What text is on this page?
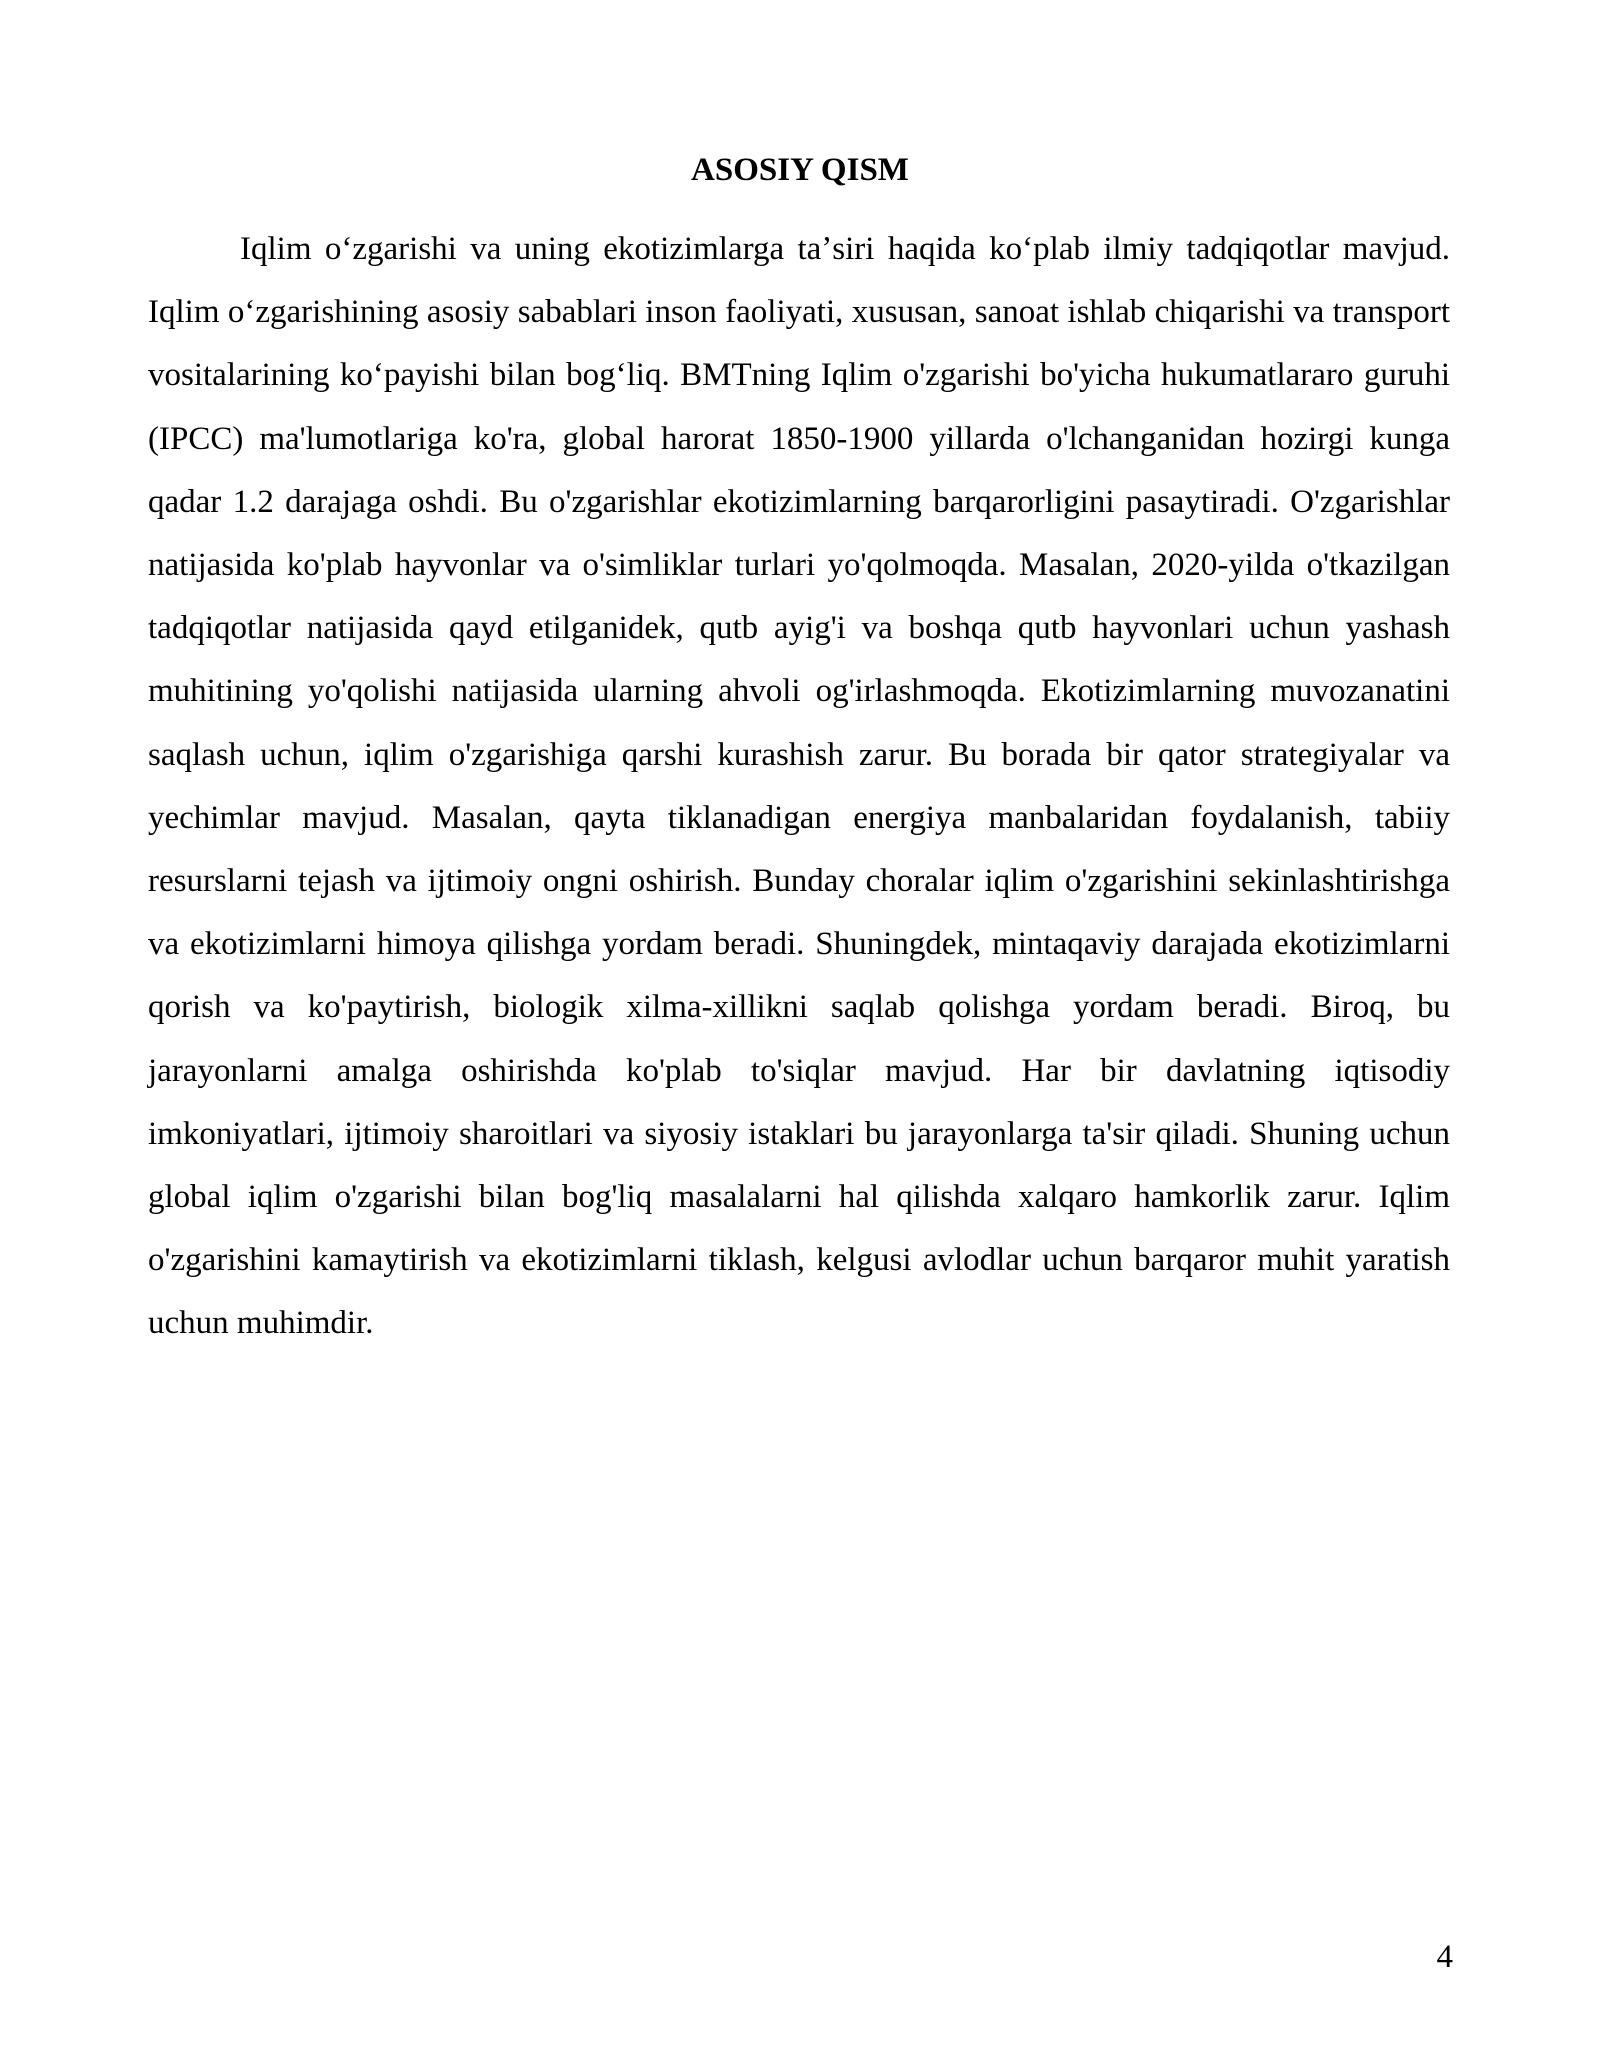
ASOSIY QISM

Iqlim oʻzgarishi va uning ekotizimlarga taʼsiri haqida koʻplab ilmiy tadqiqotlar mavjud. Iqlim oʻzgarishining asosiy sabablari inson faoliyati, xususan, sanoat ishlab chiqarishi va transport vositalarining koʻpayishi bilan bogʻliq. BMTning Iqlim o'zgarishi bo'yicha hukumatlararo guruhi (IPCC) ma'lumotlariga ko'ra, global harorat 1850-1900 yillarda o'lchanganidan hozirgi kunga qadar 1.2 darajaga oshdi. Bu o'zgarishlar ekotizimlarning barqarorligini pasaytiradi. O'zgarishlar natijasida ko'plab hayvonlar va o'simliklar turlari yo'qolmoqda. Masalan, 2020-yilda o'tkazilgan tadqiqotlar natijasida qayd etilganidek, qutb ayig'i va boshqa qutb hayvonlari uchun yashash muhitining yo'qolishi natijasida ularning ahvoli og'irlashmoqda. Ekotizimlarning muvozanatini saqlash uchun, iqlim o'zgarishiga qarshi kurashish zarur. Bu borada bir qator strategiyalar va yechimlar mavjud. Masalan, qayta tiklanadigan energiya manbalaridan foydalanish, tabiiy resurslarni tejash va ijtimoiy ongni oshirish. Bunday choralar iqlim o'zgarishini sekinlashtirishga va ekotizimlarni himoya qilishga yordam beradi. Shuningdek, mintaqaviy darajada ekotizimlarni qorish va ko'paytirish, biologik xilma-xillikni saqlab qolishga yordam beradi. Biroq, bu jarayonlarni amalga oshirishda ko'plab to'siqlar mavjud. Har bir davlatning iqtisodiy imkoniyatlari, ijtimoiy sharoitlari va siyosiy istaklari bu jarayonlarga ta'sir qiladi. Shuning uchun global iqlim o'zgarishi bilan bog'liq masalalarni hal qilishda xalqaro hamkorlik zarur. Iqlim o'zgarishini kamaytirish va ekotizimlarni tiklash, kelgusi avlodlar uchun barqaror muhit yaratish uchun muhimdir.

4
